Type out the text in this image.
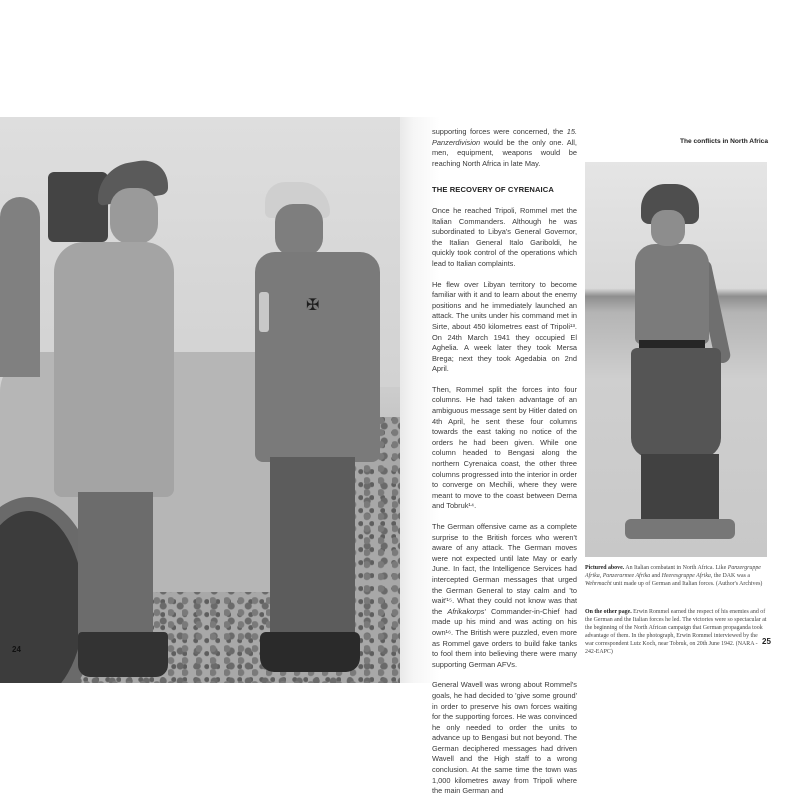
✠
24
The conflicts in North Africa

supporting forces were concerned, the 15. Panzerdivision would be the only one. All, men, equipment, weapons would be reaching North Africa in late May.

THE RECOVERY OF CYRENAICA

Once he reached Tripoli, Rommel met the Italian Commanders. Although he was subordinated to Libya's General Governor, the Italian General Italo Gariboldi, he quickly took control of the operations which lead to Italian complaints.

He flew over Libyan territory to become familiar with it and to learn about the enemy positions and he immediately launched an attack. The units under his command met in Sirte, about 450 kilometres east of Tripoli¹³. On 24th March 1941 they occupied El Aghelia. A week later they took Mersa Brega; next they took Agedabia on 2nd April.

Then, Rommel split the forces into four columns. He had taken advantage of an ambiguous message sent by Hitler dated on 4th April, he sent these four columns towards the east taking no notice of the orders he had been given. While one column headed to Bengasi along the northern Cyrenaica coast, the other three columns progressed into the interior in order to converge on Mechili, where they were meant to move to the coast between Derna and Tobruk¹⁴.

The German offensive came as a complete surprise to the British forces who weren't aware of any attack. The German moves were not expected until late May or early June. In fact, the Intelligence Services had intercepted German messages that urged the German General to stay calm and 'to wait'¹⁵. What they could not know was that the Afrikakorps' Commander-in-Chief had made up his mind and was acting on his own¹⁶. The British were puzzled, even more as Rommel gave orders to build fake tanks to fool them into believing there were many supporting German AFVs.

General Wavell was wrong about Rommel's goals, he had decided to 'give some ground' in order to preserve his own forces waiting for the supporting forces. He was convinced he only needed to order the units to advance up to Bengasi but not beyond. The German deciphered messages had driven Wavell and the High staff to a wrong conclusion. At the same time the town was 1,000 kilometres away from Tripoli where the main German and

Pictured above. An Italian combatant in North Africa. Like Panzergruppe Afrika, Panzerarmee Afrika and Heeresgruppe Afrika, the DAK was a Wehrmacht unit made up of German and Italian forces. (Author's Archives)
On the other page. Erwin Rommel earned the respect of his enemies and of the German and the Italian forces he led. The victories were so spectacular at the beginning of the North African campaign that German propaganda took advantage of them. In the photograph, Erwin Rommel interviewed by the war correspondent Lutz Koch, near Tobruk, on 20th June 1942. (NARA - 242-EAPC)
25
